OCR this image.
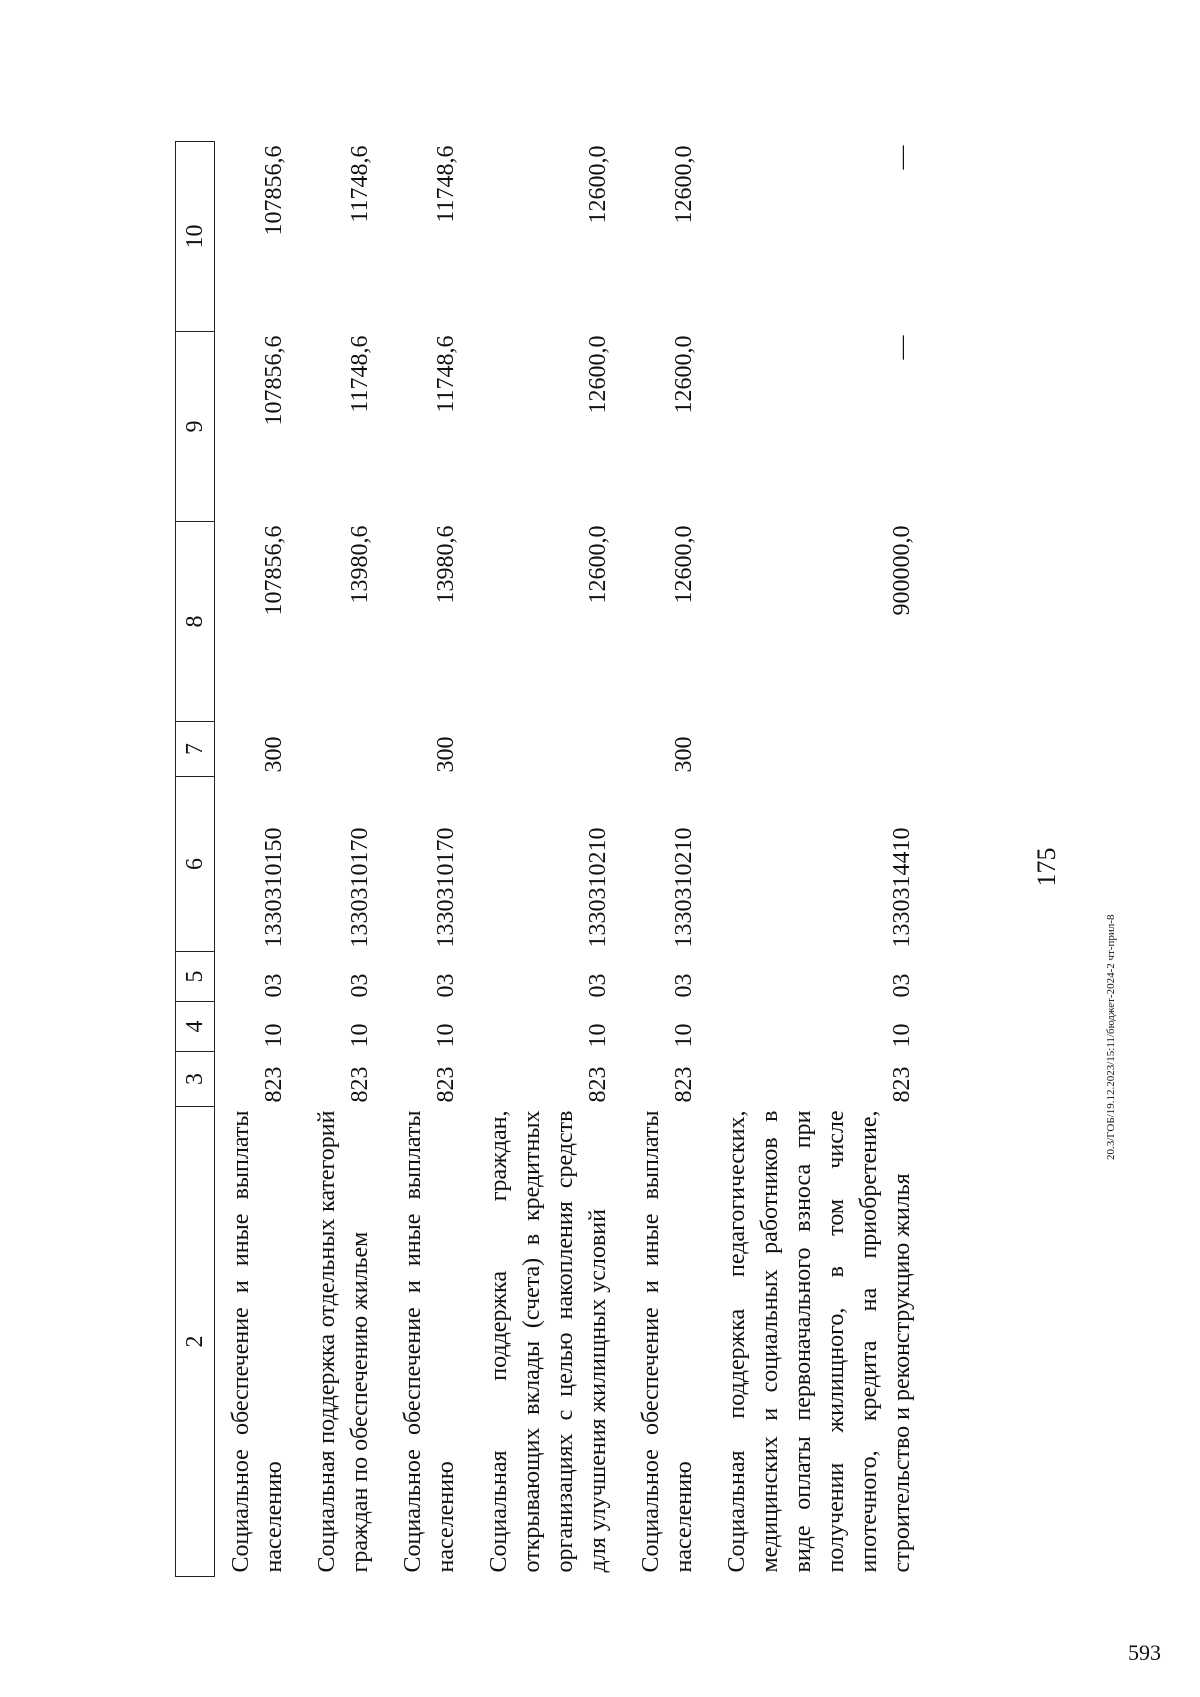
175
2	3	4	5	6	7	8	9	10
Социальное обеспечение и иные выплаты населению	823	10	03	1330310150	300	107856,6	107856,6	107856,6
Социальная поддержка отдельных категорий граждан по обеспечению жильем	823	10	03	1330310170		13980,6	11748,6	11748,6
Социальное обеспечение и иные выплаты населению	823	10	03	1330310170	300	13980,6	11748,6	11748,6
Социальная поддержка граждан, открывающих вклады (счета) в кредитных организациях с целью накопления средств для улучшения жилищных условий	823	10	03	1330310210		12600,0	12600,0	12600,0
Социальное обеспечение и иные выплаты населению	823	10	03	1330310210	300	12600,0	12600,0	12600,0
Социальная поддержка педагогических, медицинских и социальных работников в виде оплаты первоначального взноса при получении жилищного, в том числе ипотечного, кредита на приобретение, строительство и реконструкцию жилья	823	10	03	1330314410		900000,0	—	—
20.3/ГОБ/19.12.2023/15:11/бюджет-2024-2 чт-прил-8
593
